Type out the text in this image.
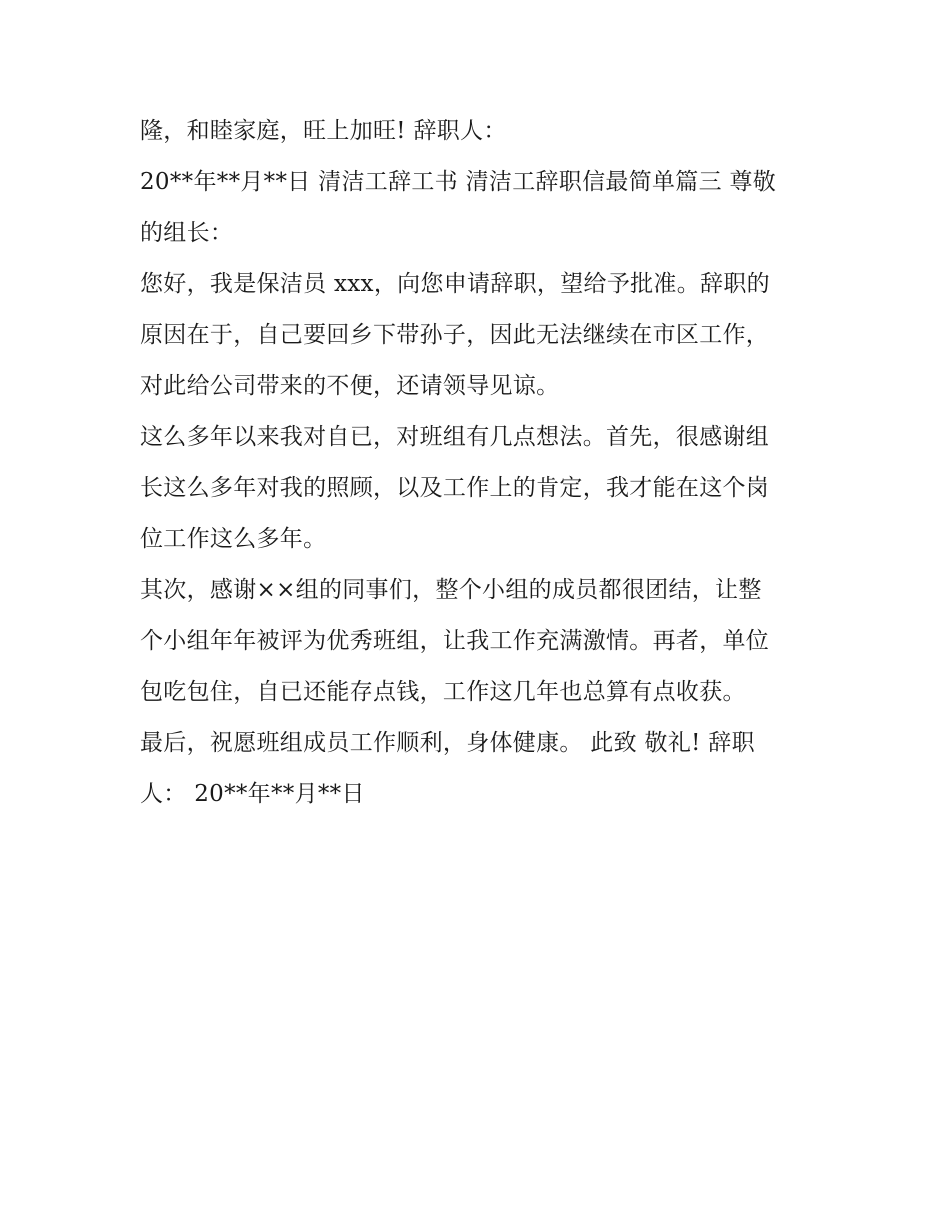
隆，和睦家庭，旺上加旺! 辞职人：
20**年**月**日 清洁工辞工书 清洁工辞职信最简单篇三 尊敬
的组长：
您好，我是保洁员 xxx，向您申请辞职，望给予批准。辞职的
原因在于，自己要回乡下带孙子，因此无法继续在市区工作，
对此给公司带来的不便，还请领导见谅。
这么多年以来我对自已，对班组有几点想法。首先，很感谢组
长这么多年对我的照顾，以及工作上的肯定，我才能在这个岗
位工作这么多年。
其次，感谢××组的同事们，整个小组的成员都很团结，让整
个小组年年被评为优秀班组，让我工作充满激情。再者，单位
包吃包住，自已还能存点钱，工作这几年也总算有点收获。
最后，祝愿班组成员工作顺利，身体健康。 此致 敬礼! 辞职
人： 20**年**月**日
